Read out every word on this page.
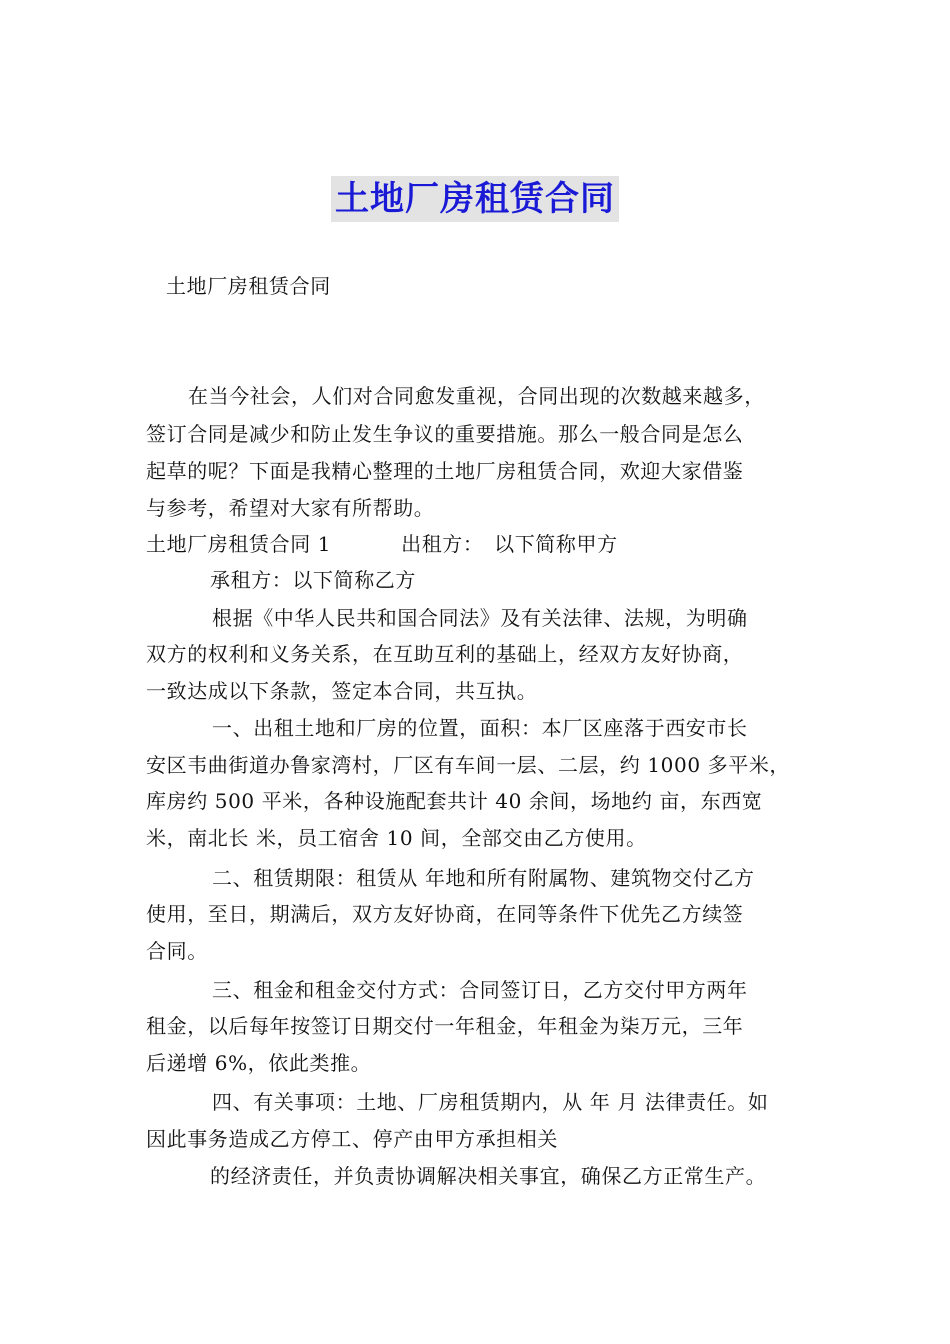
土地厂房租赁合同
土地厂房租赁合同
在当今社会，人们对合同愈发重视，合同出现的次数越来越多，
签订合同是减少和防止发生争议的重要措施。那么一般合同是怎么
起草的呢？下面是我精心整理的土地厂房租赁合同，欢迎大家借鉴
与参考，希望对大家有所帮助。
土地厂房租赁合同 1	出租方：　以下简称甲方
承租方：以下简称乙方
根据《中华人民共和国合同法》及有关法律、法规，为明确
双方的权利和义务关系，在互助互利的基础上，经双方友好协商，
一致达成以下条款，签定本合同，共互执。
一、出租土地和厂房的位置，面积：本厂区座落于西安市长
安区韦曲街道办鲁家湾村，厂区有车间一层、二层，约 1000 多平米，
库房约 500 平米，各种设施配套共计 40 余间，场地约 亩，东西宽
米，南北长 米，员工宿舍 10 间，全部交由乙方使用。
二、租赁期限：租赁从 年地和所有附属物、建筑物交付乙方
使用，至日，期满后，双方友好协商，在同等条件下优先乙方续签
合同。
三、租金和租金交付方式：合同签订日，乙方交付甲方两年
租金，以后每年按签订日期交付一年租金，年租金为柒万元，三年
后递增 6%，依此类推。
四、有关事项：土地、厂房租赁期内，从 年 月 法律责任。如
因此事务造成乙方停工、停产由甲方承担相关
的经济责任，并负责协调解决相关事宜，确保乙方正常生产。
